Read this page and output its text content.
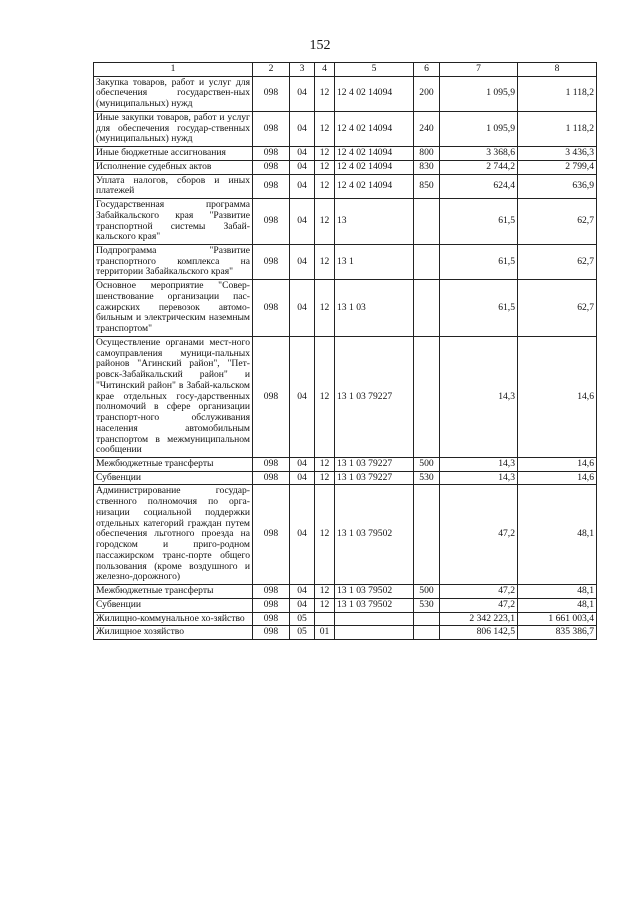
152
1	2	3	4	5	6	7	8
Закупка товаров, работ и услуг для обеспечения государствен-ных (муниципальных) нужд	098	04	12	12 4 02 14094	200	1 095,9	1 118,2
Иные закупки товаров, работ и услуг для обеспечения государ-ственных (муниципальных) нужд	098	04	12	12 4 02 14094	240	1 095,9	1 118,2
Иные бюджетные ассигнования	098	04	12	12 4 02 14094	800	3 368,6	3 436,3
Исполнение судебных актов	098	04	12	12 4 02 14094	830	2 744,2	2 799,4
Уплата налогов, сборов и иных платежей	098	04	12	12 4 02 14094	850	624,4	636,9
Государственная программа Забайкальского края "Развитие транспортной системы Забай-кальского края"	098	04	12	13		61,5	62,7
Подпрограмма "Развитие транспортного комплекса на территории Забайкальского края"	098	04	12	13 1		61,5	62,7
Основное мероприятие "Совер-шенствование организации пас-сажирских перевозок автомо-бильным и электрическим наземным транспортом"	098	04	12	13 1 03		61,5	62,7
Осуществление органами мест-ного самоуправления муници-пальных районов "Агинский район", "Пет-ровск-Забайкальский район" и "Читинский район" в Забай-кальском крае отдельных госу-дарственных полномочий в сфере организации транспорт-ного обслуживания населения автомобильным транспортом в межмуниципальном сообщении	098	04	12	13 1 03 79227		14,3	14,6
Межбюджетные трансферты	098	04	12	13 1 03 79227	500	14,3	14,6
Субвенции	098	04	12	13 1 03 79227	530	14,3	14,6
Администрирование государ-ственного полномочия по орга-низации социальной поддержки отдельных категорий граждан путем обеспечения льготного проезда на городском и приго-родном пассажирском транс-порте общего пользования (кроме воздушного и железно-дорожного)	098	04	12	13 1 03 79502		47,2	48,1
Межбюджетные трансферты	098	04	12	13 1 03 79502	500	47,2	48,1
Субвенции	098	04	12	13 1 03 79502	530	47,2	48,1
Жилищно-коммунальное хо-зяйство	098	05				2 342 223,1	1 661 003,4
Жилищное хозяйство	098	05	01			806 142,5	835 386,7
